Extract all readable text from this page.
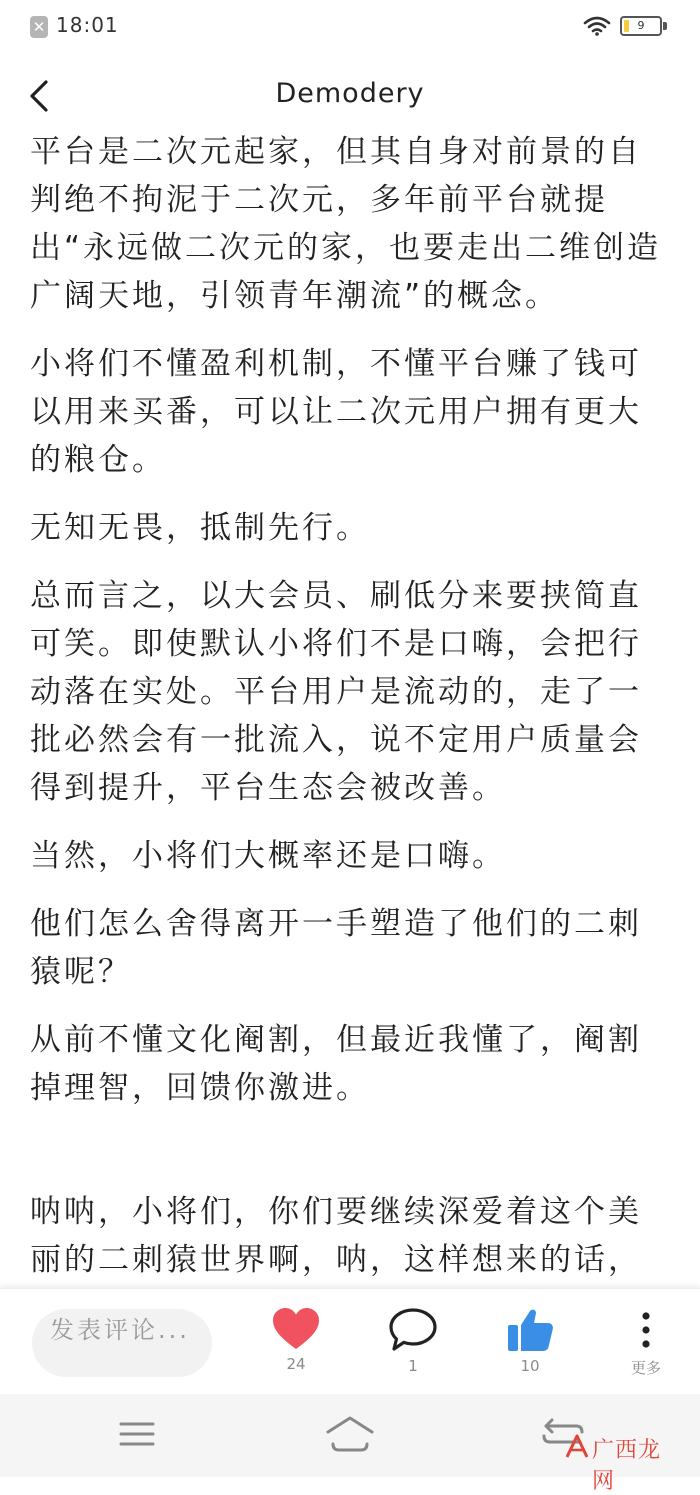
✕ 18:01	9
Demodery

平台是二次元起家，但其自身对前景的自判绝不拘泥于二次元，多年前平台就提出“永远做二次元的家，也要走出二维创造广阔天地，引领青年潮流”的概念。

小将们不懂盈利机制，不懂平台赚了钱可以用来买番，可以让二次元用户拥有更大的粮仓。

无知无畏，抵制先行。

总而言之，以大会员、刷低分来要挟简直可笑。即使默认小将们不是口嗨，会把行动落在实处。平台用户是流动的，走了一批必然会有一批流入，说不定用户质量会得到提升，平台生态会被改善。

当然，小将们大概率还是口嗨。

他们怎么舍得离开一手塑造了他们的二刺猿呢？

从前不懂文化阉割，但最近我懂了，阉割掉理智，回馈你激进。

呐呐，小将们，你们要继续深爱着这个美丽的二刺猿世界啊，呐，这样想来的话，

发表评论...
24	1	10	更多
广西龙网
